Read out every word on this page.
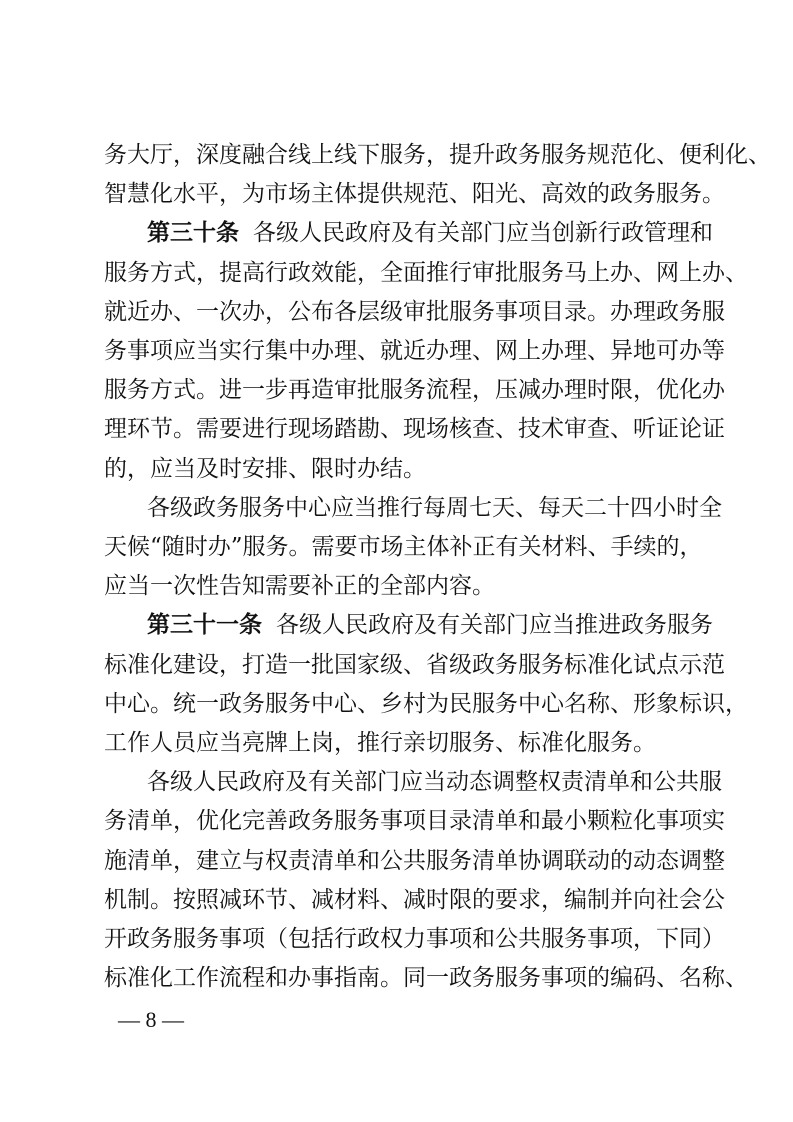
务大厅，深度融合线上线下服务，提升政务服务规范化、便利化、
智慧化水平，为市场主体提供规范、阳光、高效的政务服务。
第三十条 各级人民政府及有关部门应当创新行政管理和
服务方式，提高行政效能，全面推行审批服务马上办、网上办、
就近办、一次办，公布各层级审批服务事项目录。办理政务服
务事项应当实行集中办理、就近办理、网上办理、异地可办等
服务方式。进一步再造审批服务流程，压减办理时限，优化办
理环节。需要进行现场踏勘、现场核查、技术审查、听证论证
的，应当及时安排、限时办结。
各级政务服务中心应当推行每周七天、每天二十四小时全
天候“随时办”服务。需要市场主体补正有关材料、手续的，
应当一次性告知需要补正的全部内容。
第三十一条 各级人民政府及有关部门应当推进政务服务
标准化建设，打造一批国家级、省级政务服务标准化试点示范
中心。统一政务服务中心、乡村为民服务中心名称、形象标识，
工作人员应当亮牌上岗，推行亲切服务、标准化服务。
各级人民政府及有关部门应当动态调整权责清单和公共服
务清单，优化完善政务服务事项目录清单和最小颗粒化事项实
施清单，建立与权责清单和公共服务清单协调联动的动态调整
机制。按照减环节、减材料、减时限的要求，编制并向社会公
开政务服务事项（包括行政权力事项和公共服务事项，下同）
标准化工作流程和办事指南。同一政务服务事项的编码、名称、
— 8 —
